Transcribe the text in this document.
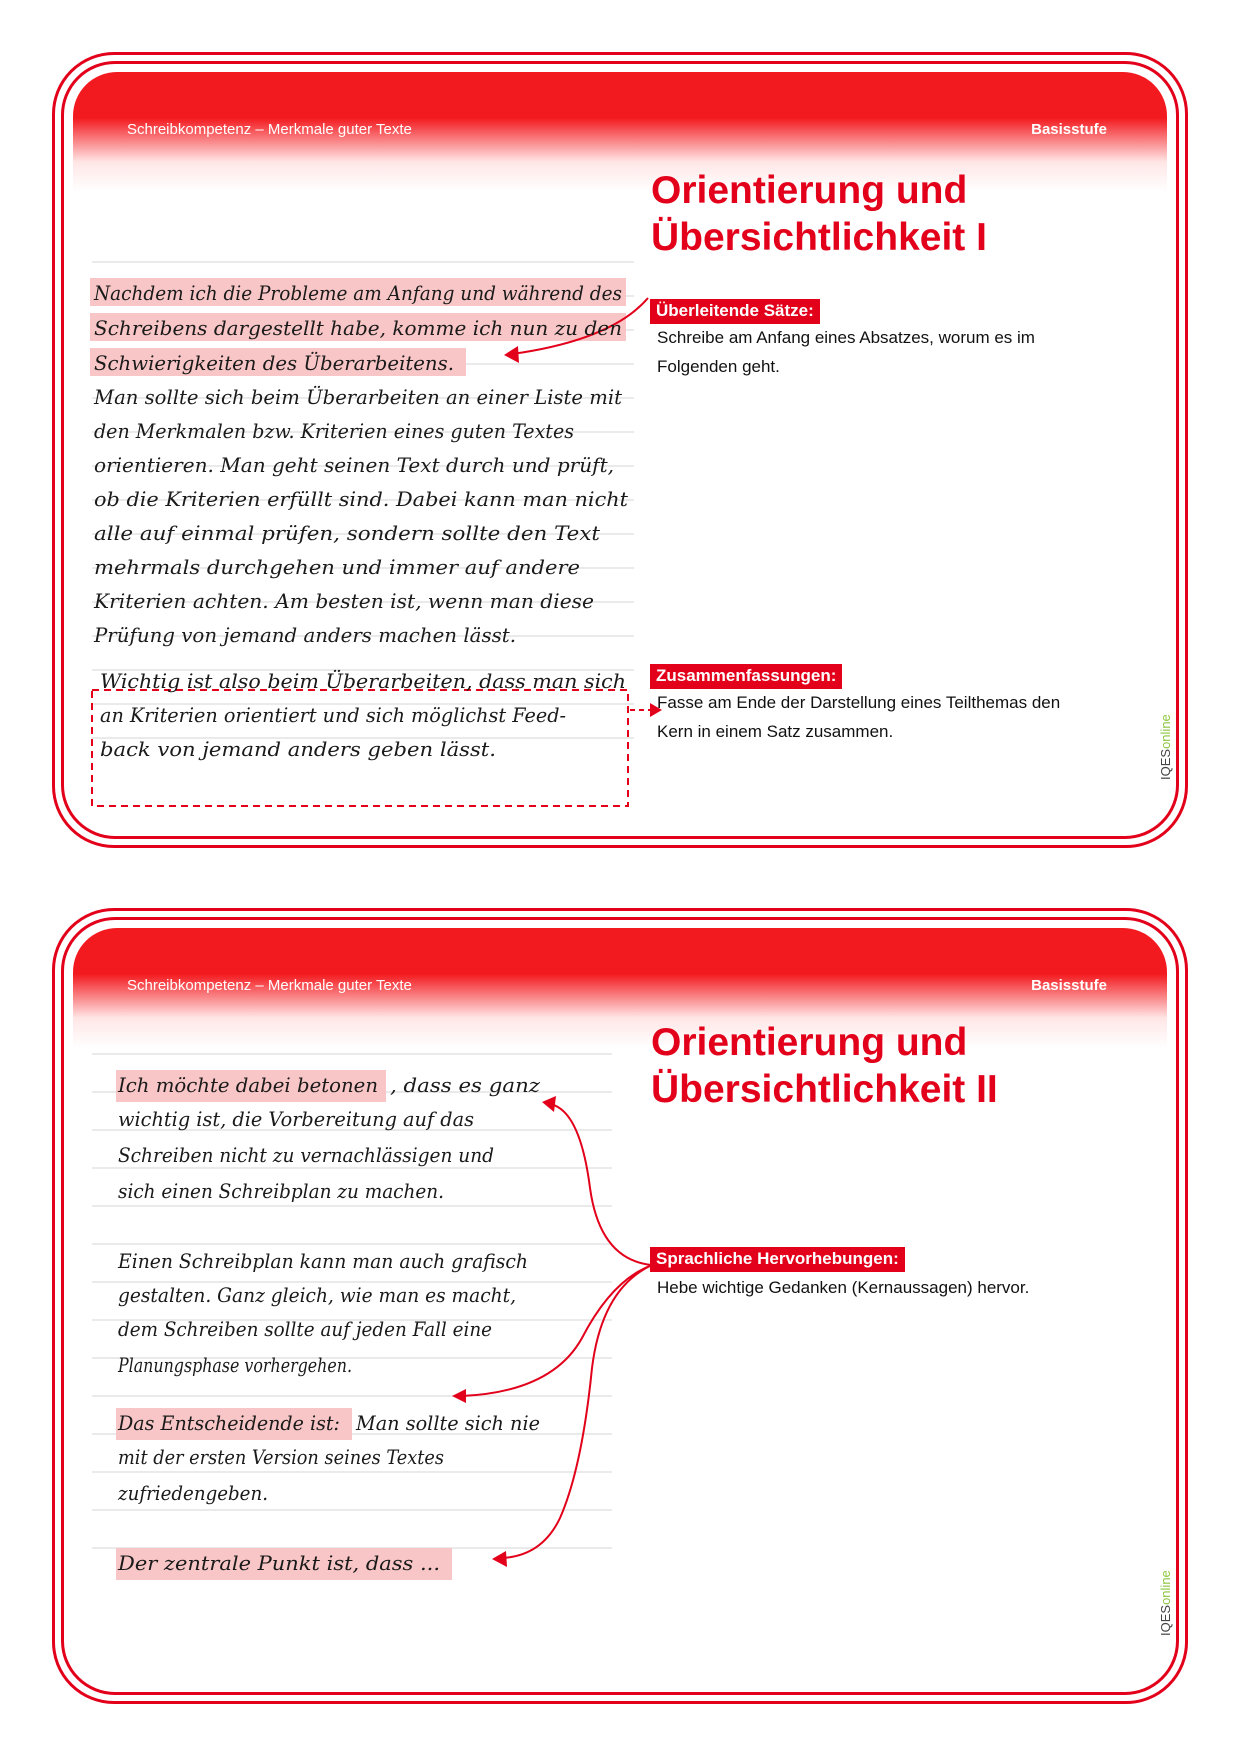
Schreibkompetenz – Merkmale guter Texte	Basisstufe
Orientierung und
Übersichtlichkeit I
Nachdem ich die Probleme am Anfang und während des
Schreibens dargestellt habe, komme ich nun zu den
Schwierigkeiten des Überarbeitens.
Man sollte sich beim Überarbeiten an einer Liste mit
den Merkmalen bzw. Kriterien eines guten Textes
orientieren. Man geht seinen Text durch und prüft,
ob die Kriterien erfüllt sind. Dabei kann man nicht
alle auf einmal prüfen, sondern sollte den Text
mehrmals durchgehen und immer auf andere
Kriterien achten. Am besten ist, wenn man diese
Prüfung von jemand anders machen lässt.
Wichtig ist also beim Überarbeiten, dass man sich
an Kriterien orientiert und sich möglichst Feed-
back von jemand anders geben lässt.
Überleitende Sätze:
Schreibe am Anfang eines Absatzes, worum es im
Folgenden geht.
Zusammenfassungen:
Fasse am Ende der Darstellung eines Teilthemas den
Kern in einem Satz zusammen.
IQESonline
Schreibkompetenz – Merkmale guter Texte	Basisstufe
Orientierung und
Übersichtlichkeit II
Ich möchte dabei betonen , dass es ganz
wichtig ist, die Vorbereitung auf das
Schreiben nicht zu vernachlässigen und
sich einen Schreibplan zu machen.
Einen Schreibplan kann man auch grafisch
gestalten. Ganz gleich, wie man es macht,
dem Schreiben sollte auf jeden Fall eine
Planungsphase vorhergehen.
Das Entscheidende ist: Man sollte sich nie
mit der ersten Version seines Textes
zufriedengeben.
Der zentrale Punkt ist, dass ...
Sprachliche Hervorhebungen:
Hebe wichtige Gedanken (Kernaussagen) hervor.
IQESonline
